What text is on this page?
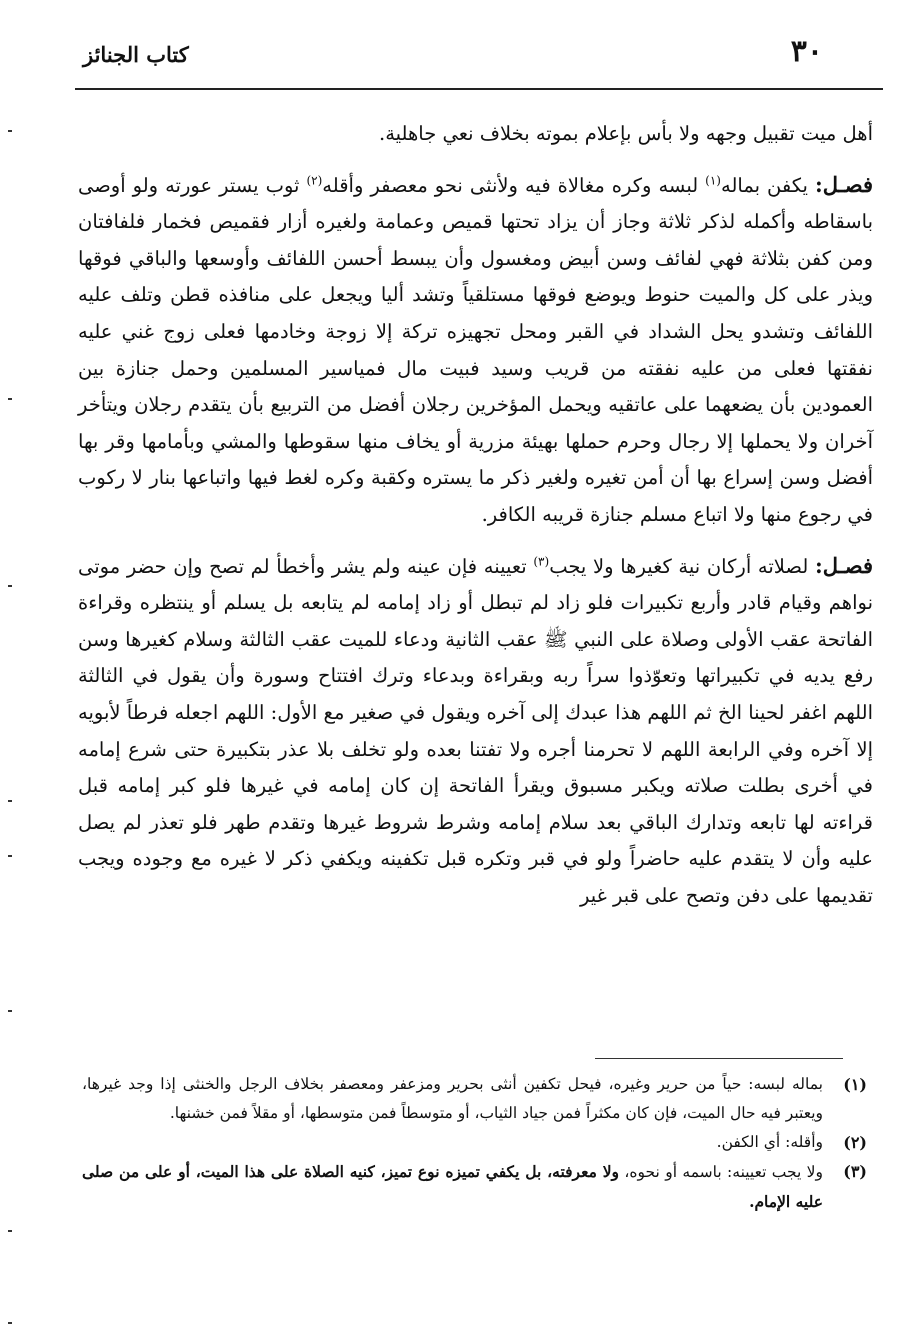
٣٠
كتاب الجنائز

أهل ميت تقبيل وجهه ولا بأس بإعلام بموته بخلاف نعي جاهلية.

فصـل: يكفن بماله$^{(١)}$ لبسه وكره مغالاة فيه ولأنثى نحو معصفر وأقله$^{(٢)}$ ثوب يستر عورته ولو أوصى باسقاطه وأكمله لذكر ثلاثة وجاز أن يزاد تحتها قميص وعمامة ولغيره أزار فقميص فخمار فلفافتان ومن كفن بثلاثة فهي لفائف وسن أبيض ومغسول وأن يبسط أحسن اللفائف وأوسعها والباقي فوقها ويذر على كل والميت حنوط ويوضع فوقها مستلقياً وتشد أليا ويجعل على منافذه قطن وتلف عليه اللفائف وتشدو يحل الشداد في القبر ومحل تجهيزه تركة إلا زوجة وخادمها فعلى زوج غني عليه نفقتها فعلى من عليه نفقته من قريب وسيد فبيت مال فمياسير المسلمين وحمل جنازة بين العمودين بأن يضعهما على عاتقيه ويحمل المؤخرين رجلان أفضل من التربيع بأن يتقدم رجلان ويتأخر آخران ولا يحملها إلا رجال وحرم حملها بهيئة مزرية أو يخاف منها سقوطها والمشي وبأمامها وقر بها أفضل وسن إسراع بها أن أمن تغيره ولغير ذكر ما يستره وكقبة وكره لغط فيها واتباعها بنار لا ركوب في رجوع منها ولا اتباع مسلم جنازة قريبه الكافر.

فصـل: لصلاته أركان نية كغيرها ولا يجب$^{(٣)}$ تعيينه فإن عينه ولم يشر وأخطأ لم تصح وإن حضر موتى نواهم وقيام قادر وأربع تكبيرات فلو زاد لم تبطل أو زاد إمامه لم يتابعه بل يسلم أو ينتظره وقراءة الفاتحة عقب الأولى وصلاة على النبي ﷺ عقب الثانية ودعاء للميت عقب الثالثة وسلام كغيرها وسن رفع يديه في تكبيراتها وتعوّذوا سراً ربه وبقراءة وبدعاء وترك افتتاح وسورة وأن يقول في الثالثة اللهم اغفر لحينا الخ ثم اللهم هذا عبدك إلى آخره ويقول في صغير مع الأول: اللهم اجعله فرطاً لأبويه إلا آخره وفي الرابعة اللهم لا تحرمنا أجره ولا تفتنا بعده ولو تخلف بلا عذر بتكبيرة حتى شرع إمامه في أخرى بطلت صلاته ويكبر مسبوق ويقرأ الفاتحة إن كان إمامه في غيرها فلو كبر إمامه قبل قراءته لها تابعه وتدارك الباقي بعد سلام إمامه وشرط شروط غيرها وتقدم طهر فلو تعذر لم يصل عليه وأن لا يتقدم عليه حاضراً ولو في قبر وتكره قبل تكفينه ويكفي ذكر لا غيره مع وجوده ويجب تقديمها على دفن وتصح على قبر غير

(١)
بماله لبسه: حياً من حرير وغيره، فيحل تكفين أنثى بحرير ومزعفر ومعصفر بخلاف الرجل والخنثى إذا وجد غيرها، ويعتبر فيه حال الميت، فإن كان مكثراً فمن جياد الثياب، أو متوسطاً فمن متوسطها، أو مقلاً فمن خشنها.
(٢)
وأقله: أي الكفن.
(٣)
ولا يجب تعيينه: باسمه أو نحوه، ولا معرفته، بل يكفي تميزه نوع تميز، كنيه الصلاة على هذا الميت، أو على من صلى عليه الإمام.
